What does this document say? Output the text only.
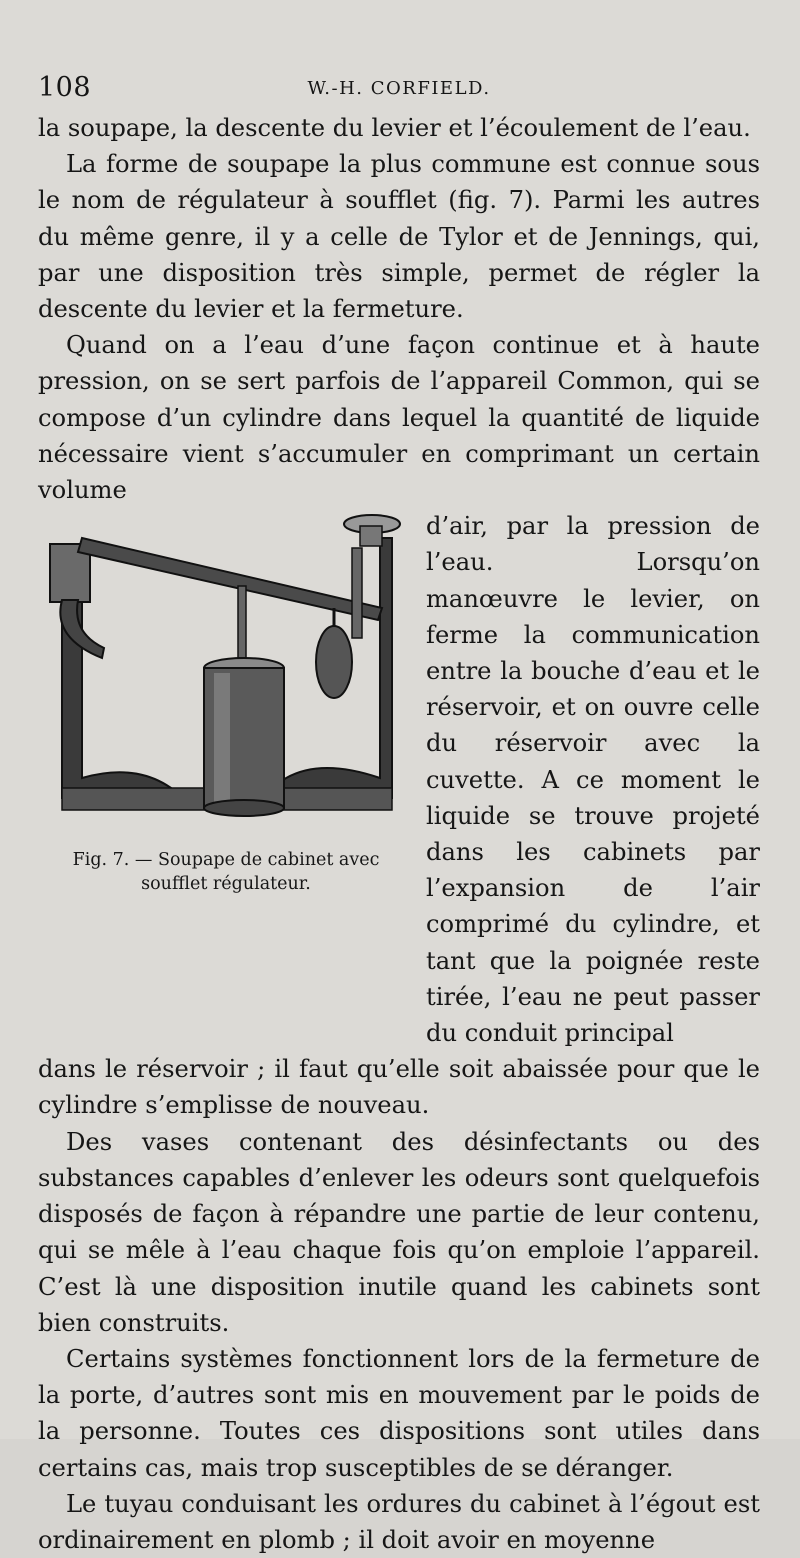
108	W.-H. CORFIELD.

la soupape, la descente du levier et l’écoulement de l’eau.

La forme de soupape la plus commune est connue sous le nom de régulateur à soufflet (fig. 7). Parmi les autres du même genre, il y a celle de Tylor et de Jennings, qui, par une disposition très simple, permet de régler la descente du levier et la fermeture.

Quand on a l’eau d’une façon continue et à haute pression, on se sert parfois de l’appareil Common, qui se compose d’un cylindre dans lequel la quantité de liquide nécessaire vient s’accumuler en comprimant un certain volume

d’air, par la pression de l’eau. Lorsqu’on manœuvre le levier, on ferme la communication entre la bouche d’eau et le réservoir, et on ouvre celle du réservoir avec la cuvette. A ce moment le liquide se trouve projeté dans les cabinets par l’expansion de l’air comprimé du cylindre, et tant que la poignée reste tirée, l’eau ne peut passer du conduit principal

dans le réservoir ; il faut qu’elle soit abaissée pour que le cylindre s’emplisse de nouveau.

Des vases contenant des désinfectants ou des substances capables d’enlever les odeurs sont quelquefois disposés de façon à répandre une partie de leur contenu, qui se mêle à l’eau chaque fois qu’on emploie l’appareil. C’est là une disposition inutile quand les cabinets sont bien construits.

Certains systèmes fonctionnent lors de la fermeture de la porte, d’autres sont mis en mouvement par le poids de la personne. Toutes ces dispositions sont utiles dans certains cas, mais trop susceptibles de se déranger.

Le tuyau conduisant les ordures du cabinet à l’égout est ordinairement en plomb ; il doit avoir en moyenne

Fig. 7. — Soupape de cabinet avec
soufflet régulateur.
